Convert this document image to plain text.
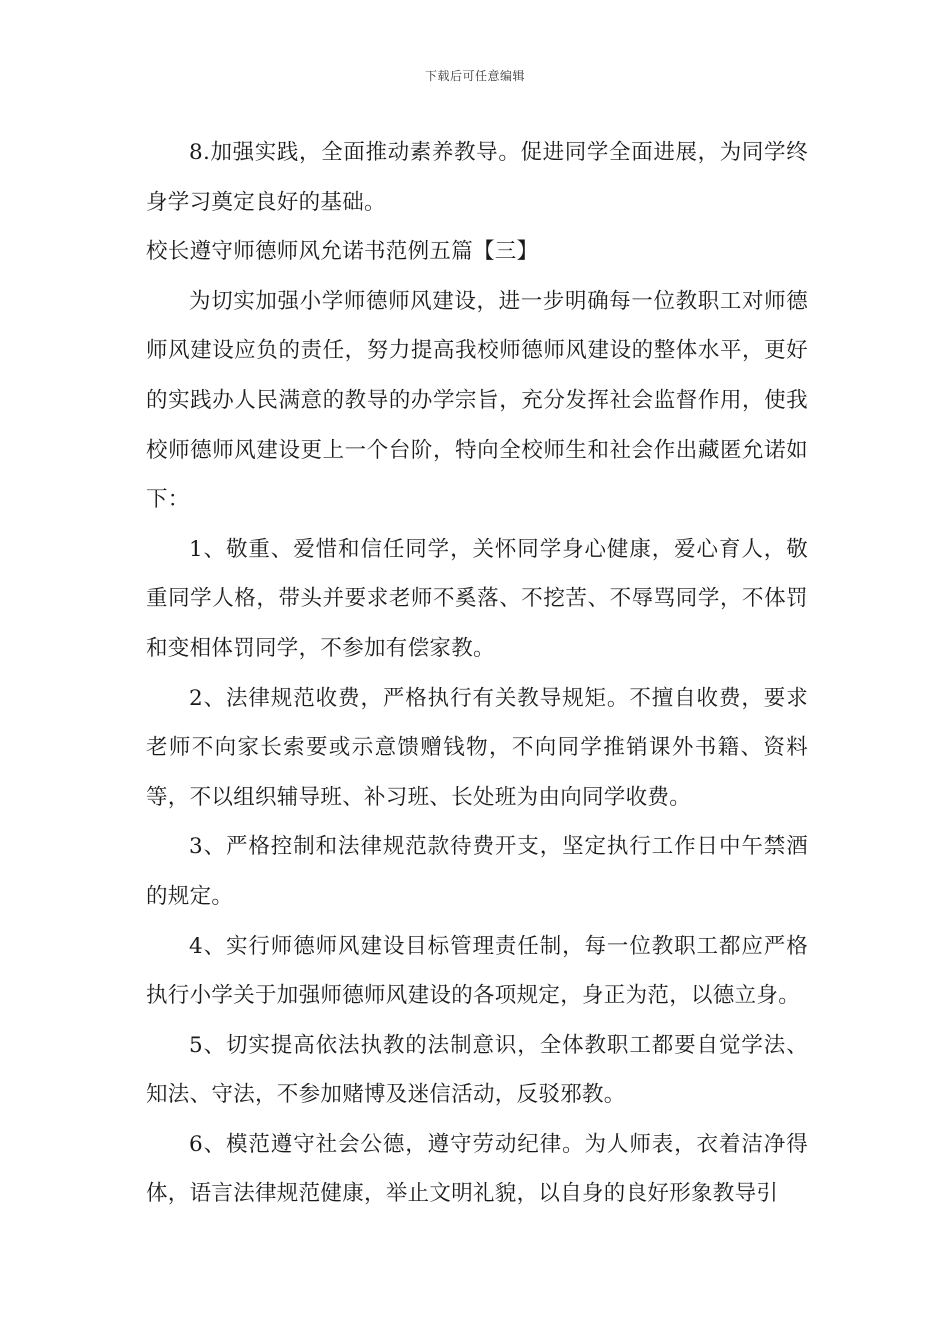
下载后可任意编辑

8.加强实践，全面推动素养教导。促进同学全面进展，为同学终身学习奠定良好的基础。

校长遵守师德师风允诺书范例五篇【三】

为切实加强小学师德师风建设，进一步明确每一位教职工对师德师风建设应负的责任，努力提高我校师德师风建设的整体水平，更好的实践办人民满意的教导的办学宗旨，充分发挥社会监督作用，使我校师德师风建设更上一个台阶，特向全校师生和社会作出藏匿允诺如下：

1、敬重、爱惜和信任同学，关怀同学身心健康，爱心育人，敬重同学人格，带头并要求老师不奚落、不挖苦、不辱骂同学，不体罚和变相体罚同学，不参加有偿家教。

2、法律规范收费，严格执行有关教导规矩。不擅自收费，要求老师不向家长索要或示意馈赠钱物，不向同学推销课外书籍、资料等，不以组织辅导班、补习班、长处班为由向同学收费。

3、严格控制和法律规范款待费开支，坚定执行工作日中午禁酒的规定。

4、实行师德师风建设目标管理责任制，每一位教职工都应严格执行小学关于加强师德师风建设的各项规定，身正为范，以德立身。

5、切实提高依法执教的法制意识，全体教职工都要自觉学法、知法、守法，不参加赌博及迷信活动，反驳邪教。

6、模范遵守社会公德，遵守劳动纪律。为人师表，衣着洁净得体，语言法律规范健康，举止文明礼貌，以自身的良好形象教导引
